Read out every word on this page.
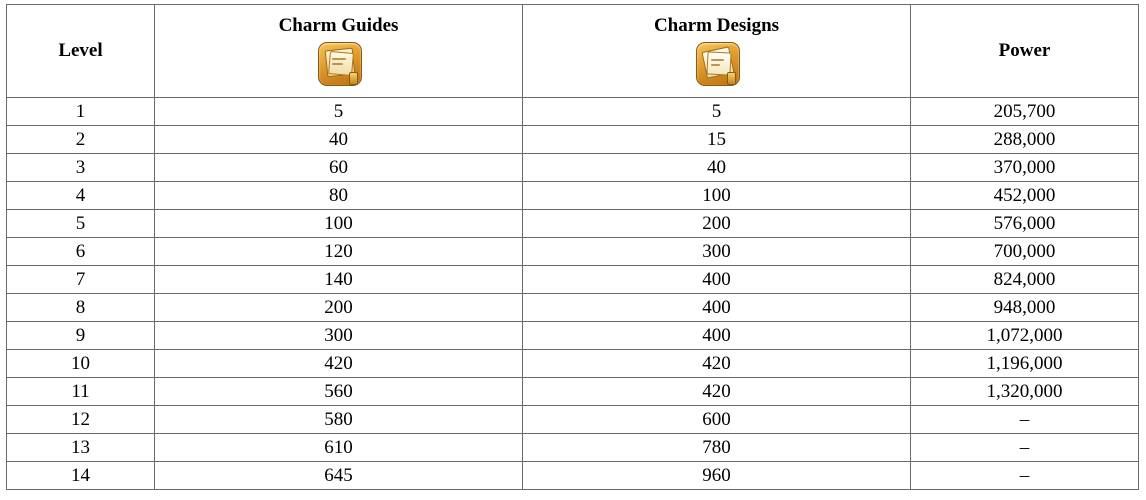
Level	Charm Guides	Charm Designs	Power

1	5	5	205,700
2	40	15	288,000
3	60	40	370,000
4	80	100	452,000
5	100	200	576,000
6	120	300	700,000
7	140	400	824,000
8	200	400	948,000
9	300	400	1,072,000
10	420	420	1,196,000
11	560	420	1,320,000
12	580	600	–
13	610	780	–
14	645	960	–
